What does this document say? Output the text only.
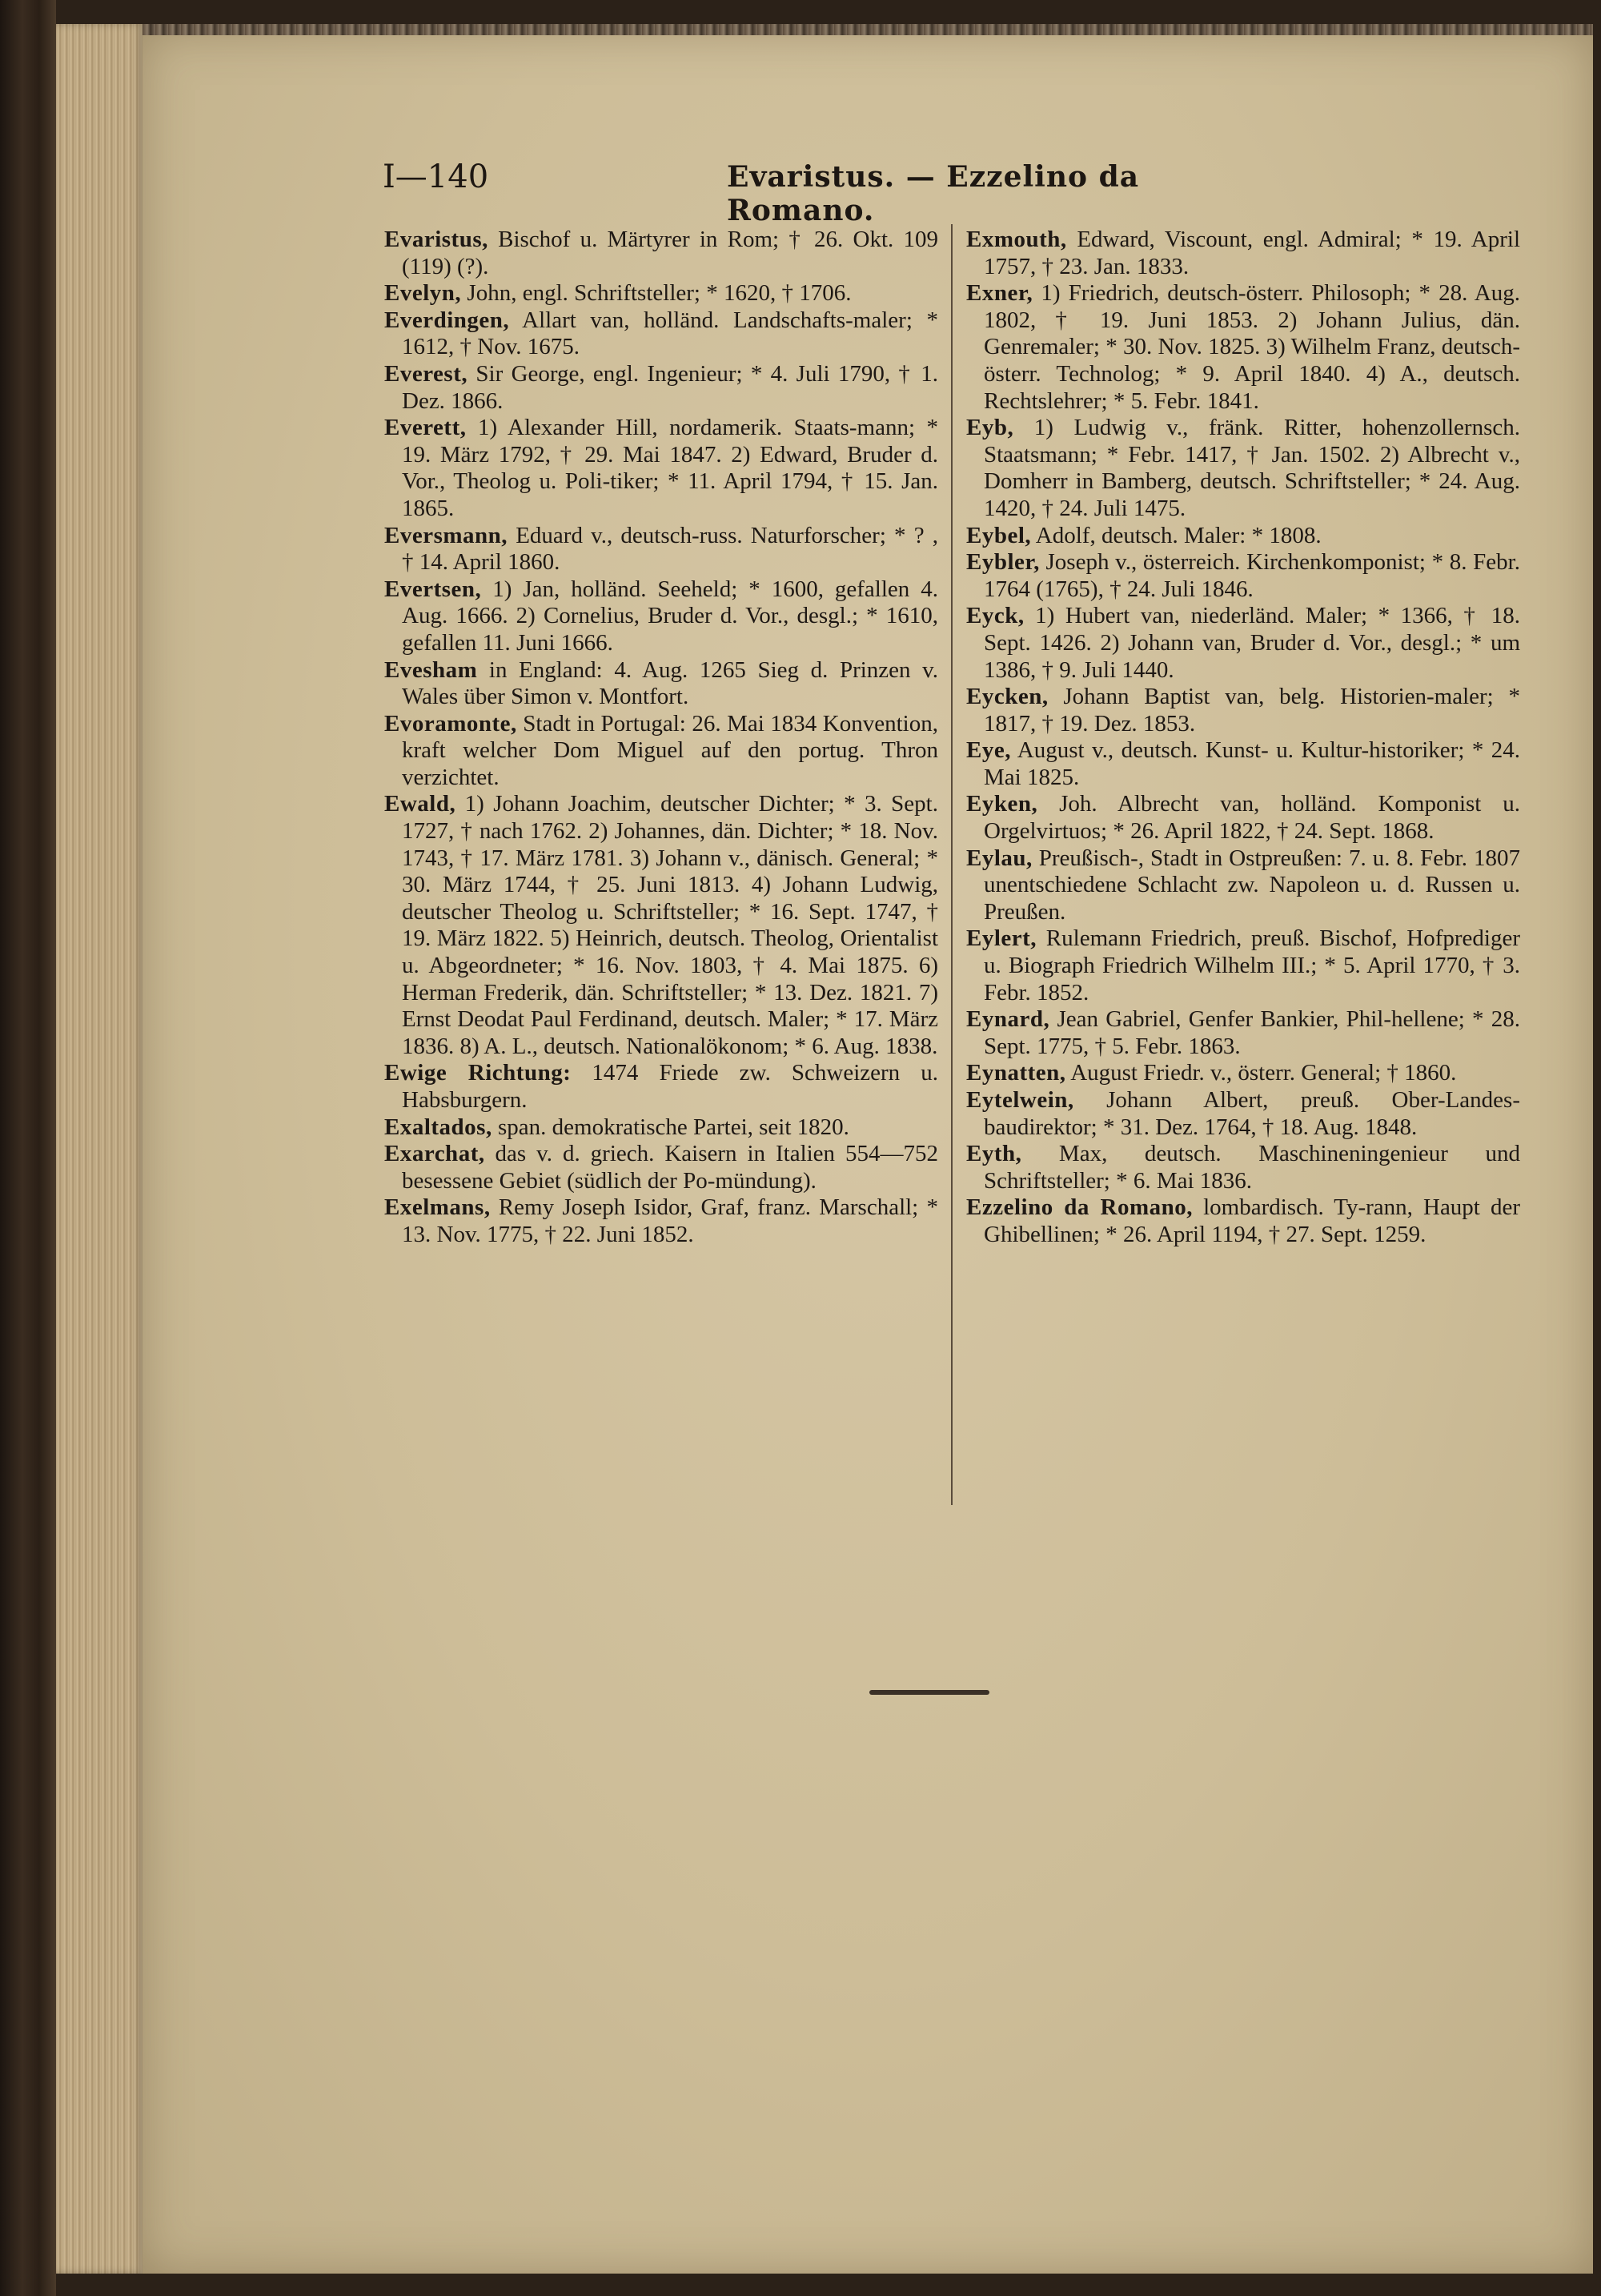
I—140	Evaristus. — Ezzelino da Romano.

Evaristus, Bischof u. Märtyrer in Rom; † 26. Okt. 109 (119) (?).

Evelyn, John, engl. Schriftsteller; * 1620, † 1706.

Everdingen, Allart van, holländ. Landschafts-maler; * 1612, † Nov. 1675.

Everest, Sir George, engl. Ingenieur; * 4. Juli 1790, † 1. Dez. 1866.

Everett, 1) Alexander Hill, nordamerik. Staats-mann; * 19. März 1792, † 29. Mai 1847. 2) Edward, Bruder d. Vor., Theolog u. Poli-tiker; * 11. April 1794, † 15. Jan. 1865.

Eversmann, Eduard v., deutsch-russ. Naturforscher; * ? , † 14. April 1860.

Evertsen, 1) Jan, holländ. Seeheld; * 1600, gefallen 4. Aug. 1666. 2) Cornelius, Bruder d. Vor., desgl.; * 1610, gefallen 11. Juni 1666.

Evesham in England: 4. Aug. 1265 Sieg d. Prinzen v. Wales über Simon v. Montfort.

Evoramonte, Stadt in Portugal: 26. Mai 1834 Konvention, kraft welcher Dom Miguel auf den portug. Thron verzichtet.

Ewald, 1) Johann Joachim, deutscher Dichter; * 3. Sept. 1727, † nach 1762. 2) Johannes, dän. Dichter; * 18. Nov. 1743, † 17. März 1781. 3) Johann v., dänisch. General; * 30. März 1744, † 25. Juni 1813. 4) Johann Ludwig, deutscher Theolog u. Schriftsteller; * 16. Sept. 1747, † 19. März 1822. 5) Heinrich, deutsch. Theolog, Orientalist u. Abgeordneter; * 16. Nov. 1803, † 4. Mai 1875. 6) Herman Frederik, dän. Schriftsteller; * 13. Dez. 1821. 7) Ernst Deodat Paul Ferdinand, deutsch. Maler; * 17. März 1836. 8) A. L., deutsch. Nationalökonom; * 6. Aug. 1838.

Ewige Richtung: 1474 Friede zw. Schweizern u. Habsburgern.

Exaltados, span. demokratische Partei, seit 1820.

Exarchat, das v. d. griech. Kaisern in Italien 554—752 besessene Gebiet (südlich der Po-mündung).

Exelmans, Remy Joseph Isidor, Graf, franz. Marschall; * 13. Nov. 1775, † 22. Juni 1852.

Exmouth, Edward, Viscount, engl. Admiral; * 19. April 1757, † 23. Jan. 1833.

Exner, 1) Friedrich, deutsch-österr. Philosoph; * 28. Aug. 1802, † 19. Juni 1853. 2) Johann Julius, dän. Genremaler; * 30. Nov. 1825. 3) Wilhelm Franz, deutsch-österr. Technolog; * 9. April 1840. 4) A., deutsch. Rechtslehrer; * 5. Febr. 1841.

Eyb, 1) Ludwig v., fränk. Ritter, hohenzollernsch. Staatsmann; * Febr. 1417, † Jan. 1502. 2) Albrecht v., Domherr in Bamberg, deutsch. Schriftsteller; * 24. Aug. 1420, † 24. Juli 1475.

Eybel, Adolf, deutsch. Maler: * 1808.

Eybler, Joseph v., österreich. Kirchenkomponist; * 8. Febr. 1764 (1765), † 24. Juli 1846.

Eyck, 1) Hubert van, niederländ. Maler; * 1366, † 18. Sept. 1426. 2) Johann van, Bruder d. Vor., desgl.; * um 1386, † 9. Juli 1440.

Eycken, Johann Baptist van, belg. Historien-maler; * 1817, † 19. Dez. 1853.

Eye, August v., deutsch. Kunst- u. Kultur-historiker; * 24. Mai 1825.

Eyken, Joh. Albrecht van, holländ. Komponist u. Orgelvirtuos; * 26. April 1822, † 24. Sept. 1868.

Eylau, Preußisch-, Stadt in Ostpreußen: 7. u. 8. Febr. 1807 unentschiedene Schlacht zw. Napoleon u. d. Russen u. Preußen.

Eylert, Rulemann Friedrich, preuß. Bischof, Hofprediger u. Biograph Friedrich Wilhelm III.; * 5. April 1770, † 3. Febr. 1852.

Eynard, Jean Gabriel, Genfer Bankier, Phil-hellene; * 28. Sept. 1775, † 5. Febr. 1863.

Eynatten, August Friedr. v., österr. General; † 1860.

Eytelwein, Johann Albert, preuß. Ober-Landes-baudirektor; * 31. Dez. 1764, † 18. Aug. 1848.

Eyth, Max, deutsch. Maschineningenieur und Schriftsteller; * 6. Mai 1836.

Ezzelino da Romano, lombardisch. Ty-rann, Haupt der Ghibellinen; * 26. April 1194, † 27. Sept. 1259.
